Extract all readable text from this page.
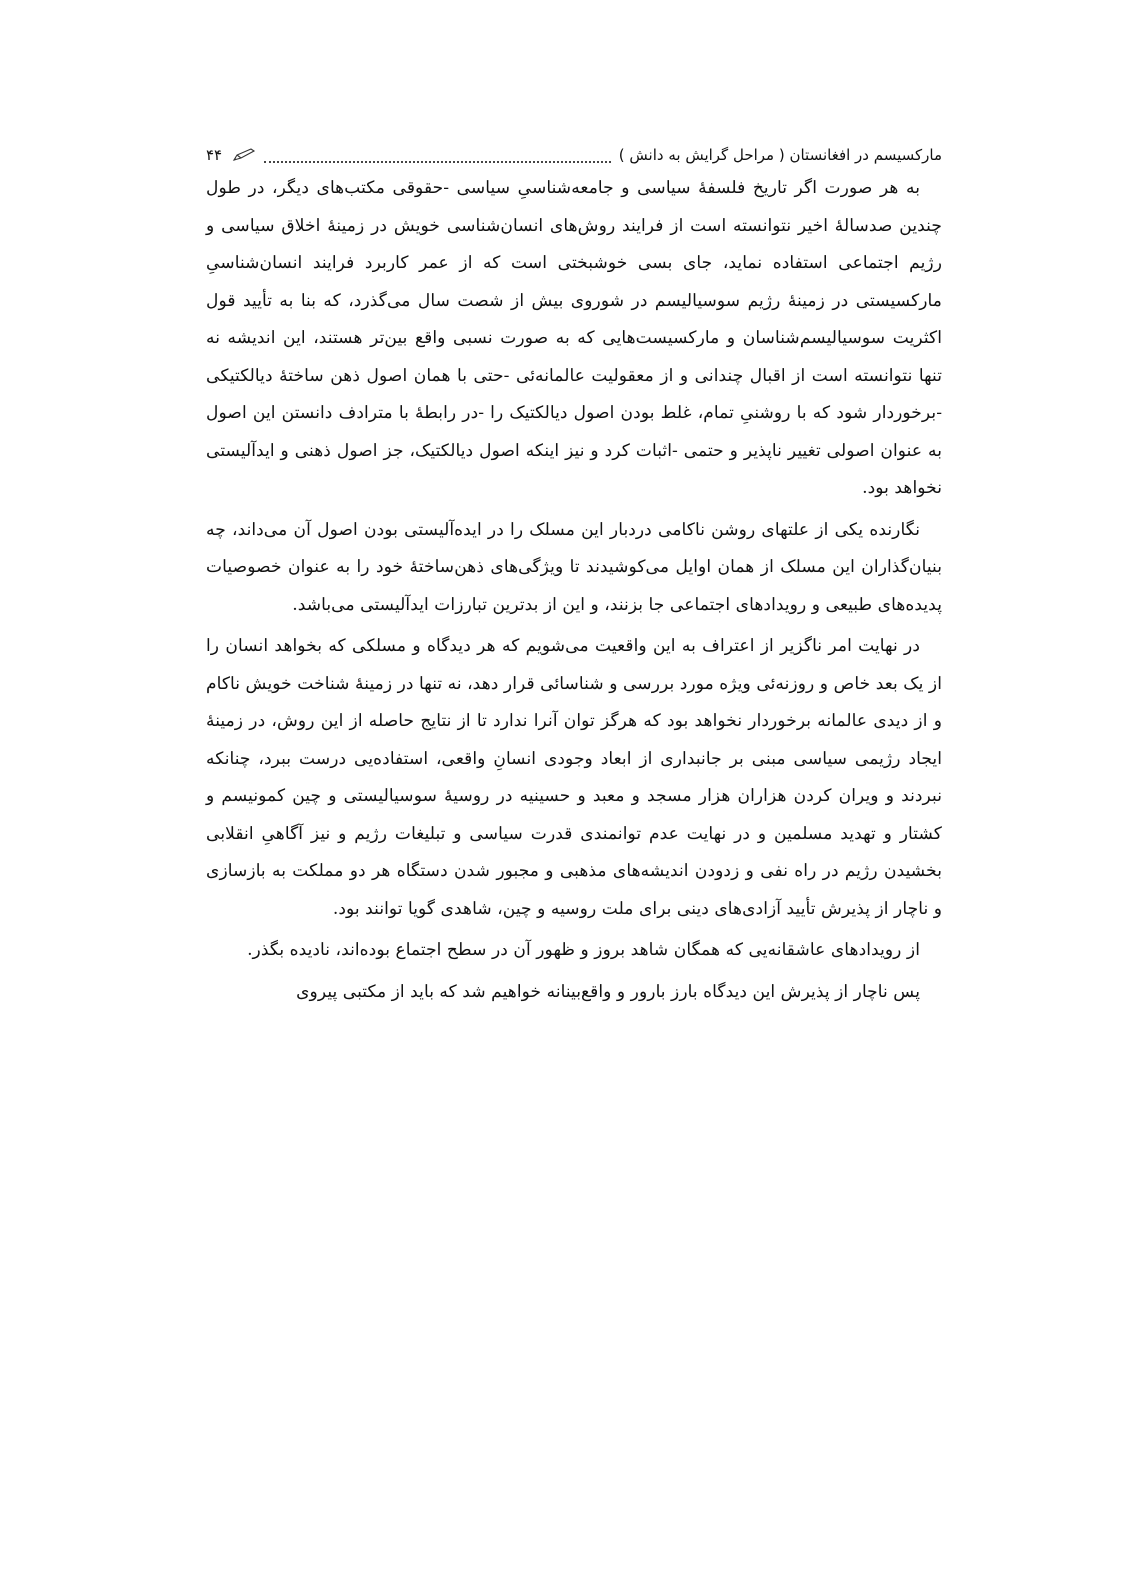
مارکسیسم در افغانستان ( مراحل گرایش به دانش )
۴۴

به هر صورت اگر تاریخ فلسفهٔ سیاسی و جامعه‌شناسیِ سیاسی -حقوقی مکتب‌های دیگر، در طول چندین صدسالهٔ اخیر نتوانسته است از فرایند روش‌های انسان‌شناسی خویش در زمینهٔ اخلاق سیاسی و رژیم اجتماعی استفاده نماید، جای بسی خوشبختی است که از عمر کاربرد فرایند انسان‌شناسیِ مارکسیستی در زمینهٔ رژیم سوسیالیسم در شوروی بیش از شصت سال می‌گذرد، که بنا به تأیید قول اکثریت سوسیالیسم‌شناسان و مارکسیست‌هایی که به صورت نسبی واقع بین‌تر هستند، این اندیشه نه تنها نتوانسته است از اقبال چندانی و از معقولیت عالمانه‌ئی -حتی با همان اصول ذهن ساختهٔ دیالکتیکی -برخوردار شود که با روشنیِ تمام، غلط بودن اصول دیالکتیک را -در رابطهٔ با مترادف دانستن این اصول به عنوان اصولی تغییر ناپذیر و حتمی -اثبات کرد و نیز اینکه اصول دیالکتیک، جز اصول ذهنی و ایدآلیستی نخواهد بود.

نگارنده یکی از علتهای روشن ناکامی دردبار این مسلک را در ایده‌آلیستی بودن اصول آن می‌داند، چه بنیان‌گذاران این مسلک از همان اوایل می‌کوشیدند تا ویژگی‌های ذهن‌ساختهٔ خود را به عنوان خصوصیات پدیده‌های طبیعی و رویدادهای اجتماعی جا بزنند، و این از بدترین تبارزات ایدآلیستی می‌باشد.

در نهایت امر ناگزیر از اعتراف به این واقعیت می‌شویم که هر دیدگاه و مسلکی که بخواهد انسان را از یک بعد خاص و روزنه‌ئی ویژه مورد بررسی و شناسائی قرار دهد، نه تنها در زمینهٔ شناخت خویش ناکام و از دیدی عالمانه برخوردار نخواهد بود که هرگز توان آنرا ندارد تا از نتایج حاصله از این روش، در زمینهٔ ایجاد رژیمی سیاسی مبنی بر جانبداری از ابعاد وجودی انسانِ واقعی، استفاده‌یی درست ببرد، چنانکه نبردند و ویران کردن هزاران هزار مسجد و معبد و حسینیه در روسیهٔ سوسیالیستی و چین کمونیسم و کشتار و تهدید مسلمین و در نهایت عدم توانمندی قدرت سیاسی و تبلیغات رژیم و نیز آگاهیِ انقلابی بخشیدن رژیم در راه نفی و زدودن اندیشه‌های مذهبی و مجبور شدن دستگاه هر دو مملکت به بازسازی و ناچار از پذیرش تأیید آزادی‌های دینی برای ملت روسیه و چین، شاهدی گویا توانند بود.

از رویدادهای عاشقانه‌یی که همگان شاهد بروز و ظهور آن در سطح اجتماع بوده‌اند، نادیده بگذر.

پس ناچار از پذیرش این دیدگاه بارز بارور و واقع‌بینانه خواهیم شد که باید از مکتبی پیروی
